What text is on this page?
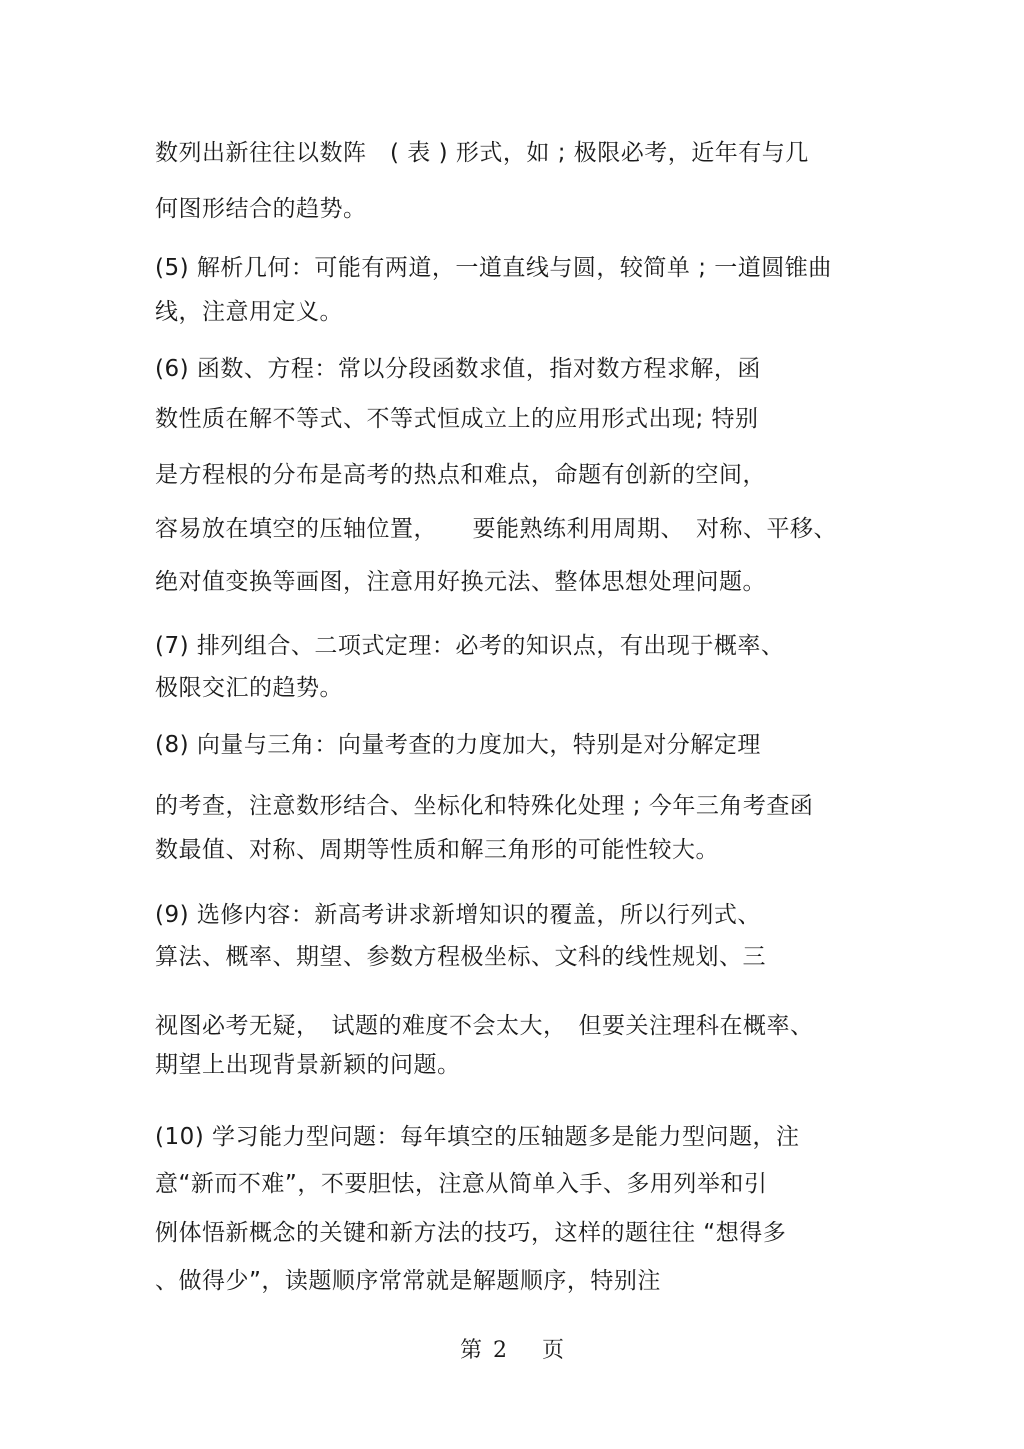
数列出新往往以数阵　( 表 ) 形式，如 ; 极限必考，近年有与几
何图形结合的趋势。
(5) 解析几何：可能有两道，一道直线与圆，较简单 ; 一道圆锥曲
线，注意用定义。
(6) 函数、方程：常以分段函数求值，指对数方程求解，函
数性质在解不等式、不等式恒成立上的应用形式出现; 特别
是方程根的分布是高考的热点和难点，命题有创新的空间，
容易放在填空的压轴位置，　　要能熟练利用周期、　对称、平移、
绝对值变换等画图，注意用好换元法、整体思想处理问题。
(7) 排列组合、二项式定理：必考的知识点，有出现于概率、
极限交汇的趋势。
(8) 向量与三角：向量考查的力度加大，特别是对分解定理
的考查，注意数形结合、坐标化和特殊化处理 ; 今年三角考查函
数最值、对称、周期等性质和解三角形的可能性较大。
(9) 选修内容：新高考讲求新增知识的覆盖，所以行列式、
算法、概率、期望、参数方程极坐标、文科的线性规划、三
视图必考无疑，　试题的难度不会太大，　但要关注理科在概率、
期望上出现背景新颖的问题。
(10) 学习能力型问题：每年填空的压轴题多是能力型问题，注
意“新而不难”，不要胆怯，注意从简单入手、多用列举和引
例体悟新概念的关键和新方法的技巧，这样的题往往 “想得多
、做得少”，读题顺序常常就是解题顺序，特别注
第 2 页
